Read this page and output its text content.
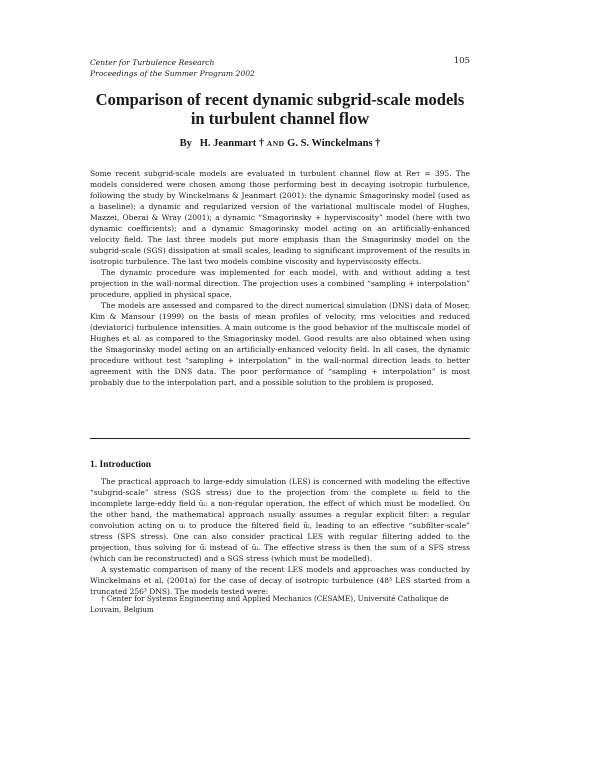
Center for Turbulence Research
Proceedings of the Summer Program 2002
105
Comparison of recent dynamic subgrid-scale models in turbulent channel flow
By H. Jeanmart † AND G. S. Winckelmans †

Some recent subgrid-scale models are evaluated in turbulent channel flow at Reτ = 395. The models considered were chosen among those performing best in decaying isotropic turbulence, following the study by Winckelmans & Jeanmart (2001): the dynamic Smagorinsky model (used as a baseline); a dynamic and regularized version of the variational multiscale model of Hughes, Mazzei, Oberai & Wray (2001); a dynamic “Smagorinsky + hyperviscosity” model (here with two dynamic coefficients); and a dynamic Smagorinsky model acting on an artificially-enhanced velocity field. The last three models put more emphasis than the Smagorinsky model on the subgrid-scale (SGS) dissipation at small scales, leading to significant improvement of the results in isotropic turbulence. The last two models combine viscosity and hyperviscosity effects.

The dynamic procedure was implemented for each model, with and without adding a test projection in the wall-normal direction. The projection uses a combined “sampling + interpolation” procedure, applied in physical space.

The models are assessed and compared to the direct numerical simulation (DNS) data of Moser, Kim & Mansour (1999) on the basis of mean profiles of velocity, rms velocities and reduced (deviatoric) turbulence intensities. A main outcome is the good behavior of the multiscale model of Hughes et al. as compared to the Smagorinsky model. Good results are also obtained when using the Smagorinsky model acting on an artificially-enhanced velocity field. In all cases, the dynamic procedure without test “sampling + interpolation” in the wall-normal direction leads to better agreement with the DNS data. The poor performance of “sampling + interpolation” is most probably due to the interpolation part, and a possible solution to the problem is proposed.

1. Introduction

The practical approach to large-eddy simulation (LES) is concerned with modeling the effective “subgrid-scale” stress (SGS stress) due to the projection from the complete uᵢ field to the incomplete large-eddy field ūᵢ: a non-regular operation, the effect of which must be modelled. On the other hand, the mathematical approach usually assumes a regular explicit filter: a regular convolution acting on uᵢ to produce the filtered field ūᵢ, leading to an effective “subfilter-scale” stress (SFS stress). One can also consider practical LES with regular filtering added to the projection, thus solving for ū̄ᵢ instead of ūᵢ. The effective stress is then the sum of a SFS stress (which can be reconstructed) and a SGS stress (which must be modelled).

A systematic comparison of many of the recent LES models and approaches was conducted by Winckelmans et al. (2001a) for the case of decay of isotropic turbulence (48³ LES started from a truncated 256³ DNS). The models tested were:

† Center for Systems Engineering and Applied Mechanics (CESAME), Université Catholique de Louvain, Belgium
